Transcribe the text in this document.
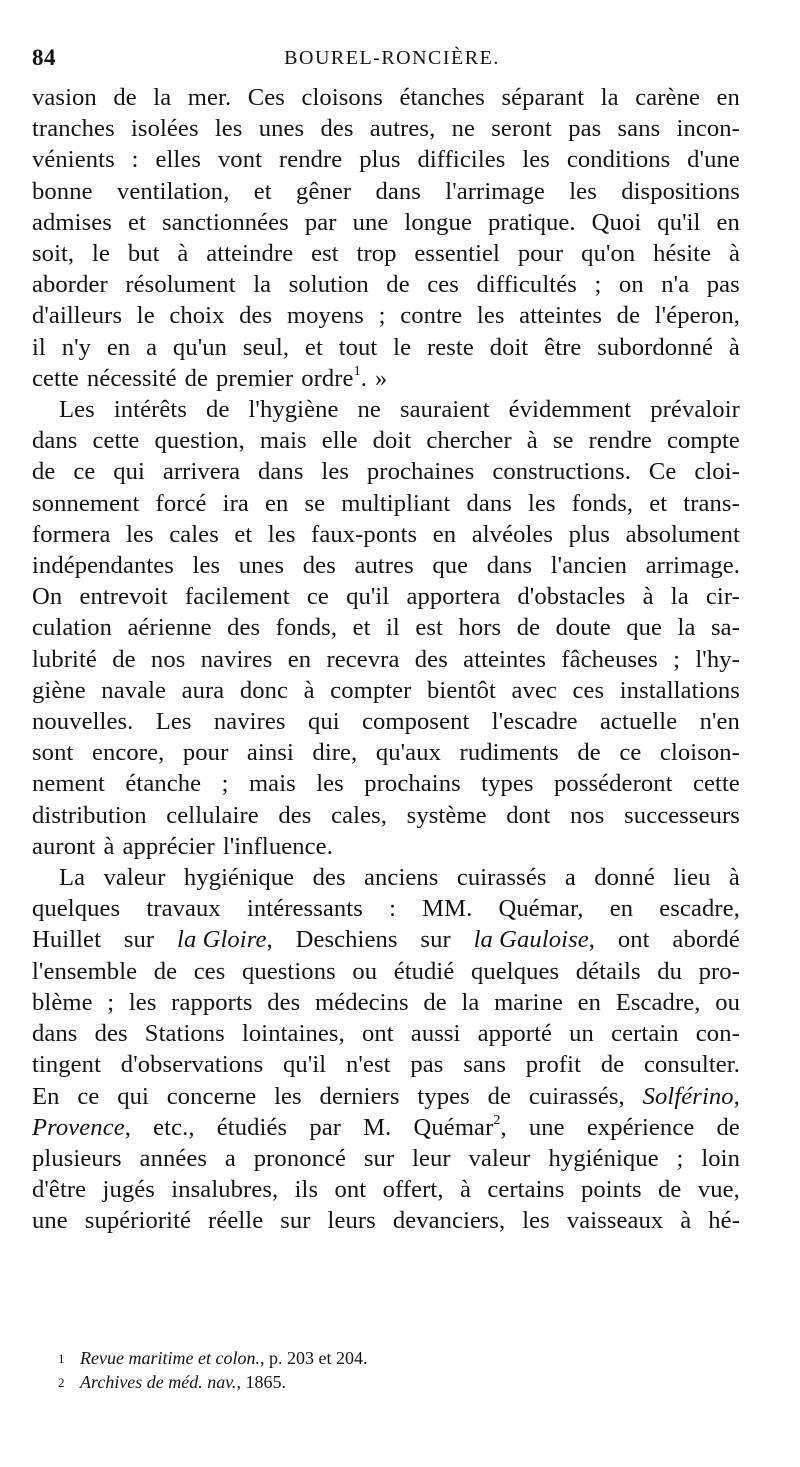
84	BOUREL-RONCIÈRE.
vasion de la mer. Ces cloisons étanches séparant la carène en
tranches isolées les unes des autres, ne seront pas sans incon-
vénients : elles vont rendre plus difficiles les conditions d'une
bonne ventilation, et gêner dans l'arrimage les dispositions
admises et sanctionnées par une longue pratique. Quoi qu'il en
soit, le but à atteindre est trop essentiel pour qu'on hésite à
aborder résolument la solution de ces difficultés ; on n'a pas
d'ailleurs le choix des moyens ; contre les atteintes de l'éperon,
il n'y en a qu'un seul, et tout le reste doit être subordonné à
cette nécessité de premier ordre$^1$. »
Les intérêts de l'hygiène ne sauraient évidemment prévaloir
dans cette question, mais elle doit chercher à se rendre compte
de ce qui arrivera dans les prochaines constructions. Ce cloi-
sonnement forcé ira en se multipliant dans les fonds, et trans-
formera les cales et les faux-ponts en alvéoles plus absolument
indépendantes les unes des autres que dans l'ancien arrimage.
On entrevoit facilement ce qu'il apportera d'obstacles à la cir-
culation aérienne des fonds, et il est hors de doute que la sa-
lubrité de nos navires en recevra des atteintes fâcheuses ; l'hy-
giène navale aura donc à compter bientôt avec ces installations
nouvelles. Les navires qui composent l'escadre actuelle n'en
sont encore, pour ainsi dire, qu'aux rudiments de ce cloison-
nement étanche ; mais les prochains types posséderont cette
distribution cellulaire des cales, système dont nos successeurs
auront à apprécier l'influence.
La valeur hygiénique des anciens cuirassés a donné lieu à
quelques travaux intéressants : MM. Quémar, en escadre,
Huillet sur la Gloire, Deschiens sur la Gauloise, ont abordé
l'ensemble de ces questions ou étudié quelques détails du pro-
blème ; les rapports des médecins de la marine en Escadre, ou
dans des Stations lointaines, ont aussi apporté un certain con-
tingent d'observations qu'il n'est pas sans profit de consulter.
En ce qui concerne les derniers types de cuirassés, Solférino,
Provence, etc., étudiés par M. Quémar$^2$, une expérience de
plusieurs années a prononcé sur leur valeur hygiénique ; loin
d'être jugés insalubres, ils ont offert, à certains points de vue,
une supériorité réelle sur leurs devanciers, les vaisseaux à hé-
1 Revue maritime et colon., p. 203 et 204.
2 Archives de méd. nav., 1865.
